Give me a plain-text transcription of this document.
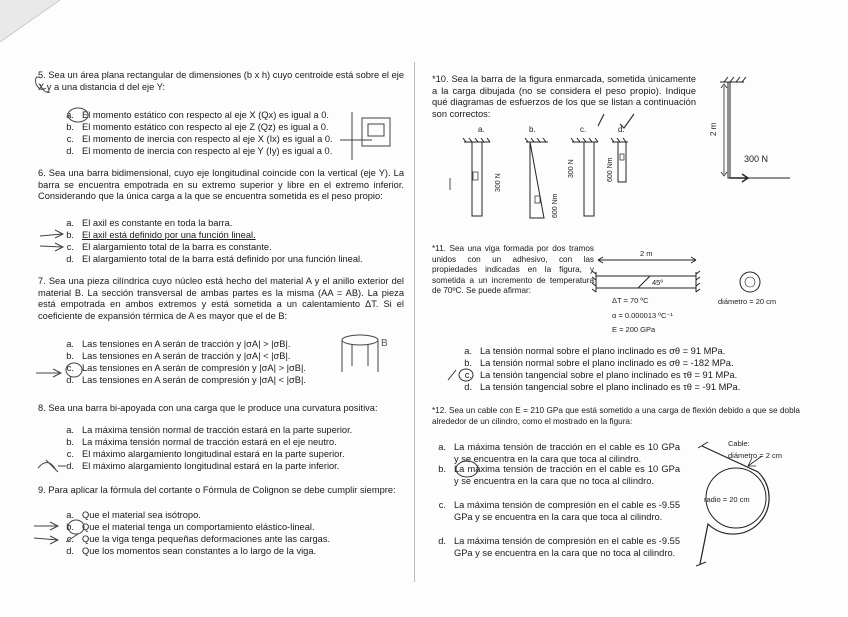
5. Sea un área plana rectangular de dimensiones (b x h) cuyo centroide está sobre el eje X y a una distancia d del eje Y:
a. El momento estático con respecto al eje X (Qx) es igual a 0.
b. El momento estático con respecto al eje Z (Qz) es igual a 0.
c. El momento de inercia con respecto al eje X (Ix) es igual a 0.
d. El momento de inercia con respecto al eje Y (Iy) es igual a 0.
6. Sea una barra bidimensional, cuyo eje longitudinal coincide con la vertical (eje Y). La barra se encuentra empotrada en su extremo superior y libre en el extremo inferior. Considerando que la única carga a la que se encuentra sometida es el peso propio:
a. El axil es constante en toda la barra.
b. El axil está definido por una función lineal.
c. El alargamiento total de la barra es constante.
d. El alargamiento total de la barra está definido por una función lineal.
7. Sea una pieza cilíndrica cuyo núcleo está hecho del material A y el anillo exterior del material B. La sección transversal de ambas partes es la misma (AA = AB). La pieza está empotrada en ambos extremos y está sometida a un calentamiento ΔT. Si el coeficiente de expansión térmica de A es mayor que el de B:
a. Las tensiones en A serán de tracción y |σA| > |σB|.
b. Las tensiones en A serán de tracción y |σA| < |σB|.
c. Las tensiones en A serán de compresión y |σA| > |σB|.
d. Las tensiones en A serán de compresión y |σA| < |σB|.
8. Sea una barra bi-apoyada con una carga que le produce una curvatura positiva:
a. La máxima tensión normal de tracción estará en la parte superior.
b. La máxima tensión normal de tracción estará en el eje neutro.
c. El máximo alargamiento longitudinal estará en la parte superior.
d. El máximo alargamiento longitudinal estará en la parte inferior.
9. Para aplicar la fórmula del cortante o Fórmula de Colignon se debe cumplir siempre:
a. Que el material sea isótropo.
b. Que el material tenga un comportamiento elástico-lineal.
c. Que la viga tenga pequeñas deformaciones ante las cargas.
d. Que los momentos sean constantes a lo largo de la viga.
B
*10. Sea la barra de la figura enmarcada, sometida únicamente a la carga dibujada (no se considera el peso propio). Indique qué diagramas de esfuerzos de los que se listan a continuación son correctos:
*11. Sea una viga formada por dos tramos unidos con un adhesivo, con las propiedades indicadas en la figura, y sometida a un incremento de temperatura de 70ºC. Se puede afirmar:
a. La tensión normal sobre el plano inclinado es σθ = 91 MPa.
b. La tensión normal sobre el plano inclinado es σθ = -182 MPa.
c. La tensión tangencial sobre el plano inclinado es τθ = 91 MPa.
d. La tensión tangencial sobre el plano inclinado es τθ = -91 MPa.
*12. Sea un cable con E = 210 GPa que está sometido a una carga de flexión debido a que se dobla alrededor de un cilindro, como el mostrado en la figura:
a. La máxima tensión de tracción en el cable es 10 GPa y se encuentra en la cara que toca al cilindro.
b. La máxima tensión de tracción en el cable es 10 GPa y se encuentra en la cara que no toca al cilindro.
c. La máxima tensión de compresión en el cable es -9.55 GPa y se encuentra en la cara que toca al cilindro.
d. La máxima tensión de compresión en el cable es -9.55 GPa y se encuentra en la cara que no toca al cilindro.
a.	b.	c.	d.
300 N
600 Nm
300 N	600 Nm
2 m
300 N
2 m
45º
ΔT = 70 ºC
α = 0.000013 ºC⁻¹
E = 200 GPa
diámetro = 20 cm
Cable:
diámetro = 2 cm
radio = 20 cm
